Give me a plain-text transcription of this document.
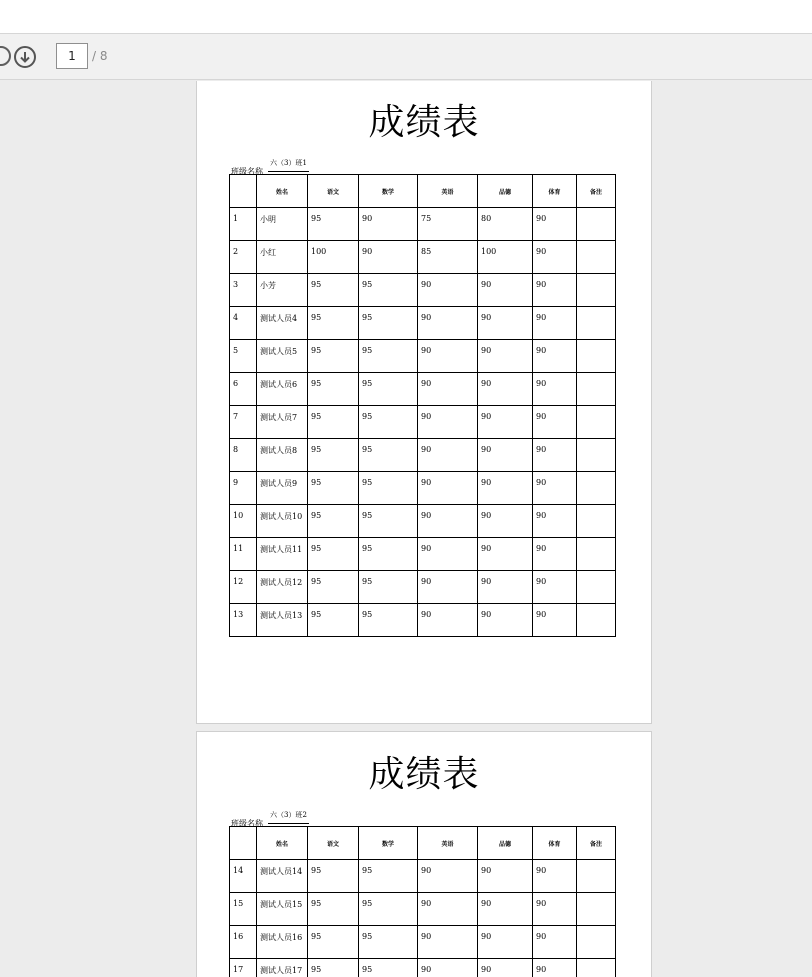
1
/ 8
成绩表
班级名称
六（3）班1
	姓名	语文	数学	英语	品德	体育	备注
1	小明	95	90	75	80	90	
2	小红	100	90	85	100	90	
3	小芳	95	95	90	90	90	
4	测试人员4	95	95	90	90	90	
5	测试人员5	95	95	90	90	90	
6	测试人员6	95	95	90	90	90	
7	测试人员7	95	95	90	90	90	
8	测试人员8	95	95	90	90	90	
9	测试人员9	95	95	90	90	90	
10	测试人员10	95	95	90	90	90	
11	测试人员11	95	95	90	90	90	
12	测试人员12	95	95	90	90	90	
13	测试人员13	95	95	90	90	90	
成绩表
班级名称
六（3）班2
	姓名	语文	数学	英语	品德	体育	备注
14	测试人员14	95	95	90	90	90	
15	测试人员15	95	95	90	90	90	
16	测试人员16	95	95	90	90	90	
17	测试人员17	95	95	90	90	90	
